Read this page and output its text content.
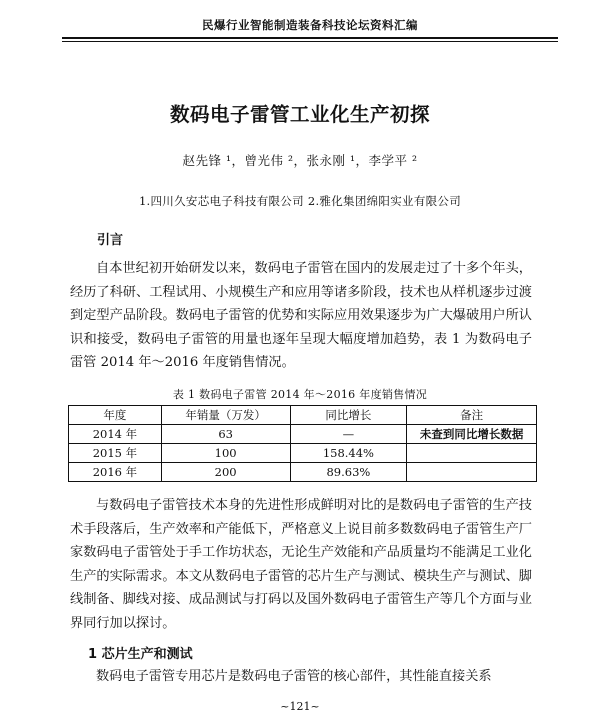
民爆行业智能制造装备科技论坛资料汇编
数码电子雷管工业化生产初探
赵先锋 ¹，曾光伟 ²，张永刚 ¹，李学平 ²
1.四川久安芯电子科技有限公司 2.雅化集团绵阳实业有限公司
引言

自本世纪初开始研发以来，数码电子雷管在国内的发展走过了十多个年头，经历了科研、工程试用、小规模生产和应用等诸多阶段，技术也从样机逐步过渡到定型产品阶段。数码电子雷管的优势和实际应用效果逐步为广大爆破用户所认识和接受，数码电子雷管的用量也逐年呈现大幅度增加趋势，表 1 为数码电子雷管 2014 年～2016 年度销售情况。

表 1 数码电子雷管 2014 年～2016 年度销售情况
年度	年销量（万发）	同比增长	备注
2014 年	63	—	未查到同比增长数据
2015 年	100	158.44%	
2016 年	200	89.63%	

与数码电子雷管技术本身的先进性形成鲜明对比的是数码电子雷管的生产技术手段落后，生产效率和产能低下，严格意义上说目前多数数码电子雷管生产厂家数码电子雷管处于手工作坊状态，无论生产效能和产品质量均不能满足工业化生产的实际需求。本文从数码电子雷管的芯片生产与测试、模块生产与测试、脚线制备、脚线对接、成品测试与打码以及国外数码电子雷管生产等几个方面与业界同行加以探讨。

1 芯片生产和测试

数码电子雷管专用芯片是数码电子雷管的核心部件，其性能直接关系

~121~
